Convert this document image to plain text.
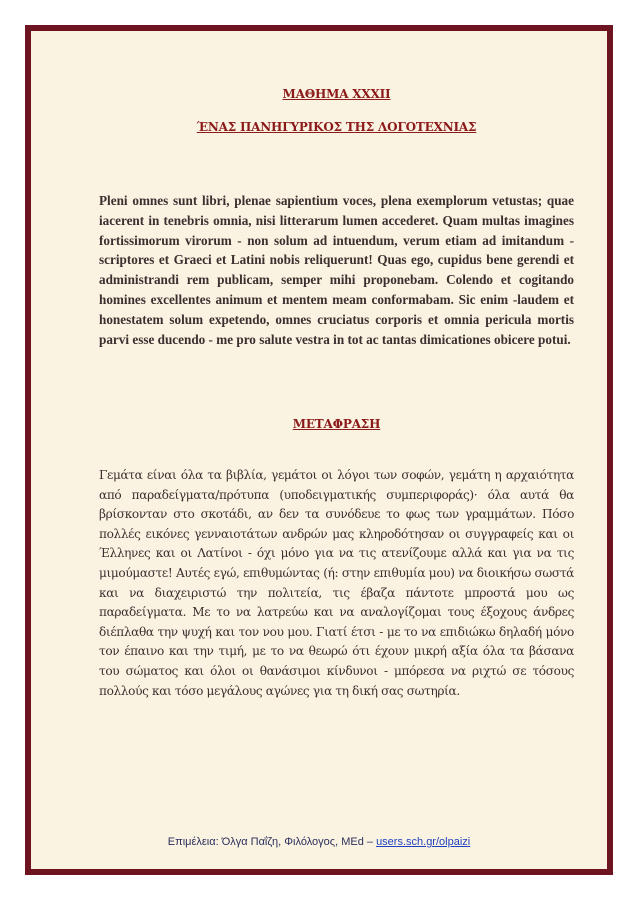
ΜΑΘΗΜΑ XXXII
ΈΝΑΣ ΠΑΝΗΓΥΡΙΚΟΣ ΤΗΣ ΛΟΓΟΤΕΧΝΙΑΣ

Pleni omnes sunt libri, plenae sapientium voces, plena exemplorum vetustas; quae iacerent in tenebris omnia, nisi litterarum lumen accederet. Quam multas imagines fortissimorum virorum - non solum ad intuendum, verum etiam ad imitandum - scriptores et Graeci et Latini nobis reliquerunt! Quas ego, cupidus bene gerendi et administrandi rem publicam, semper mihi proponebam. Colendo et cogitando homines excellentes animum et mentem meam conformabam. Sic enim -laudem et honestatem solum expetendo, omnes cruciatus corporis et omnia pericula mortis parvi esse ducendo - me pro salute vestra in tot ac tantas dimicationes obicere potui.

ΜΕΤΑΦΡΑΣΗ

Γεμάτα είναι όλα τα βιβλία, γεμάτοι οι λόγοι των σοφών, γεμάτη η αρχαιότητα από παραδείγματα/πρότυπα (υποδειγματικής συμπεριφοράς)· όλα αυτά θα βρίσκονταν στο σκοτάδι, αν δεν τα συνόδευε το φως των γραμμάτων. Πόσο πολλές εικόνες γενναιοτάτων ανδρών μας κληροδότησαν οι συγγραφείς και οι Έλληνες και οι Λατίνοι - όχι μόνο για να τις ατενίζουμε αλλά και για να τις μιμούμαστε! Αυτές εγώ, επιθυμώντας (ή: στην επιθυμία μου) να διοικήσω σωστά και να διαχειριστώ την πολιτεία, τις έβαζα πάντοτε μπροστά μου ως παραδείγματα. Με το να λατρεύω και να αναλογίζομαι τους έξοχους άνδρες διέπλαθα την ψυχή και τον νου μου. Γιατί έτσι - με το να επιδιώκω δηλαδή μόνο τον έπαινο και την τιμή, με το να θεωρώ ότι έχουν μικρή αξία όλα τα βάσανα του σώματος και όλοι οι θανάσιμοι κίνδυνοι - μπόρεσα να ριχτώ σε τόσους πολλούς και τόσο μεγάλους αγώνες για τη δική σας σωτηρία.

Επιμέλεια: Όλγα Παΐζη, Φιλόλογος, MEd – users.sch.gr/olpaizi
